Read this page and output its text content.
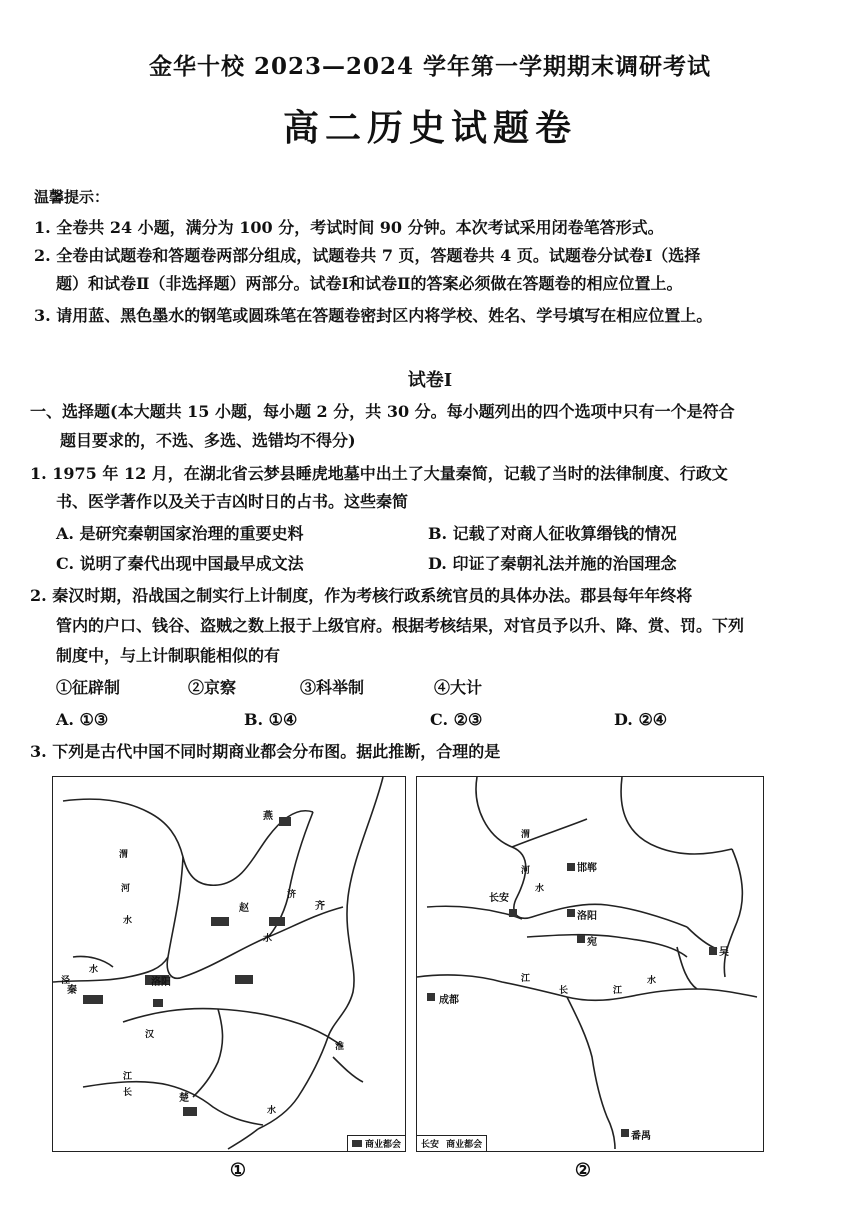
金华十校 2023—2024 学年第一学期期末调研考试
高二历史试题卷
温馨提示：
1. 全卷共 24 小题，满分为 100 分，考试时间 90 分钟。本次考试采用闭卷笔答形式。
2. 全卷由试题卷和答题卷两部分组成，试题卷共 7 页，答题卷共 4 页。试题卷分试卷Ⅰ（选择
题）和试卷Ⅱ（非选择题）两部分。试卷Ⅰ和试卷Ⅱ的答案必须做在答题卷的相应位置上。
3. 请用蓝、黑色墨水的钢笔或圆珠笔在答题卷密封区内将学校、姓名、学号填写在相应位置上。
试卷Ⅰ
一、选择题(本大题共 15 小题，每小题 2 分，共 30 分。每小题列出的四个选项中只有一个是符合
题目要求的，不选、多选、选错均不得分)
1. 1975 年 12 月，在湖北省云梦县睡虎地墓中出土了大量秦简，记载了当时的法律制度、行政文
书、医学著作以及关于吉凶时日的占书。这些秦简
A. 是研究秦朝国家治理的重要史料	B. 记载了对商人征收算缗钱的情况
C. 说明了秦代出现中国最早成文法	D. 印证了秦朝礼法并施的治国理念
2. 秦汉时期，沿战国之制实行上计制度，作为考核行政系统官员的具体办法。郡县每年年终将
管内的户口、钱谷、盗贼之数上报于上级官府。根据考核结果，对官员予以升、降、赏、罚。下列
制度中，与上计制职能相似的有
①征辟制	②京察	③科举制	④大计
A. ①③	B. ①④	C. ②③	D. ②④
3. 下列是古代中国不同时期商业都会分布图。据此推断，合理的是
渭
河
水
泾
水
济
水
汉
江
长
水
淮
燕
赵	齐
洛阳
秦
楚
商业都会
①
渭
河
水
江
长	江
水
长安
洛阳
成都
邯郸
宛
吴
番禺
长安 商业都会
②
